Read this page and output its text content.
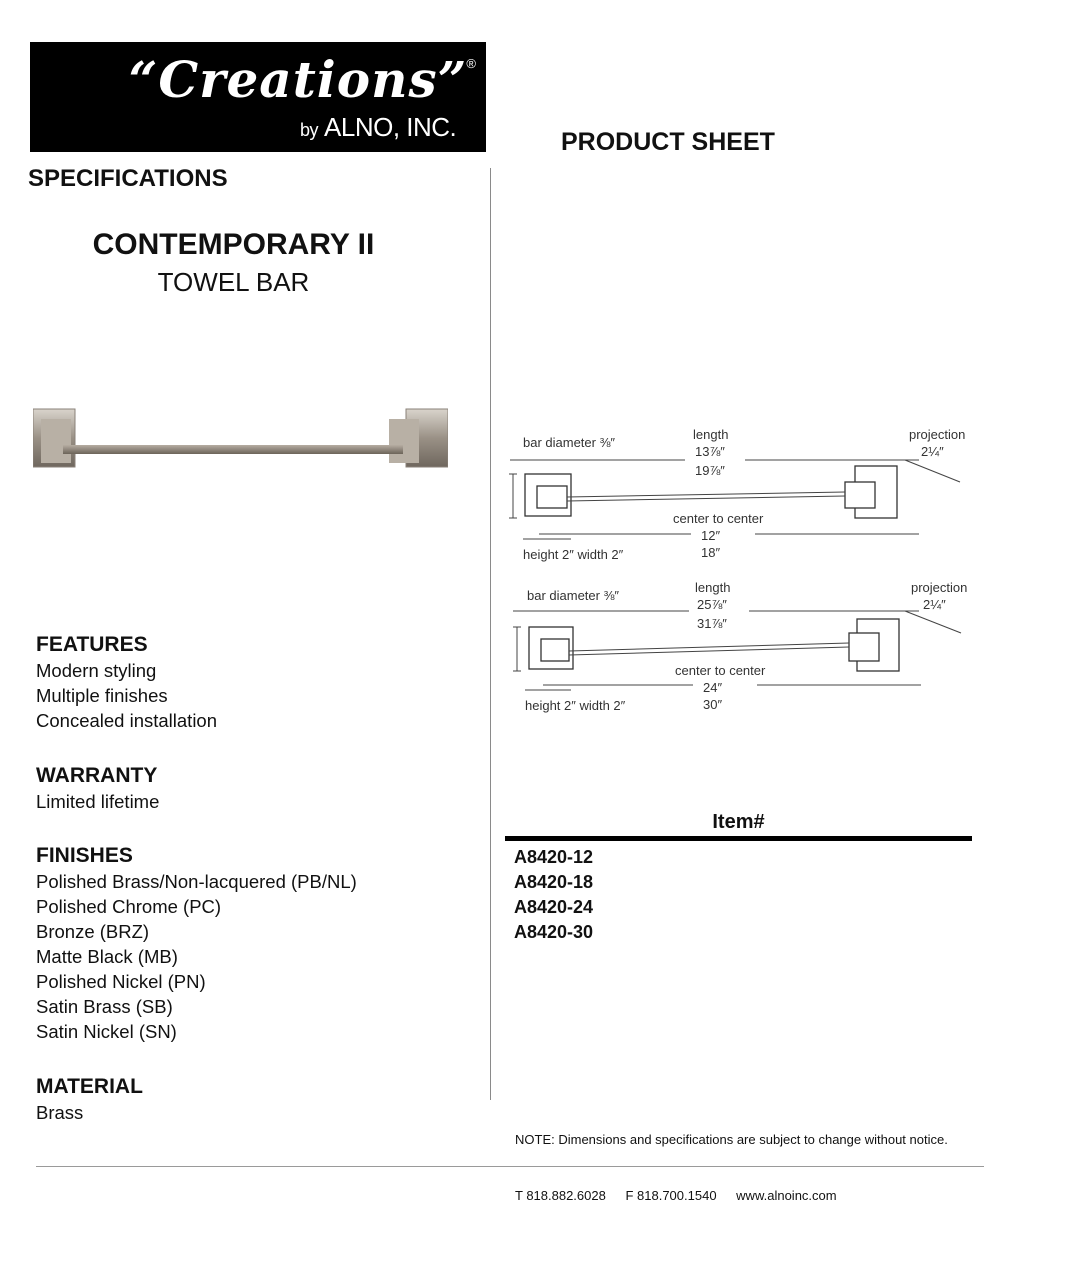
“Creations” ®
by ALNO, INC.	PRODUCT SHEET
SPECIFICATIONS
CONTEMPORARY II
TOWEL BAR

FEATURES

Modern styling

Multiple finishes

Concealed installation

WARRANTY

Limited lifetime

FINISHES

Polished Brass/Non-lacquered (PB/NL)

Polished Chrome (PC)

Bronze (BRZ)

Matte Black (MB)

Polished Nickel (PN)

Satin Brass (SB)

Satin Nickel (SN)

MATERIAL

Brass

bar diameter ⅜″
length
13⅞″
19⅞″
projection
2¼″
center to center
12″
18″
height 2″ width 2″
bar diameter ⅜″
length
25⅞″
31⅞″
projection
2¼″
center to center
24″
30″
height 2″ width 2″
Item#
A8420-12
A8420-18
A8420-24
A8420-30
NOTE: Dimensions and specifications are subject to change without notice.
T 818.882.6028 F 818.700.1540 www.alnoinc.com
